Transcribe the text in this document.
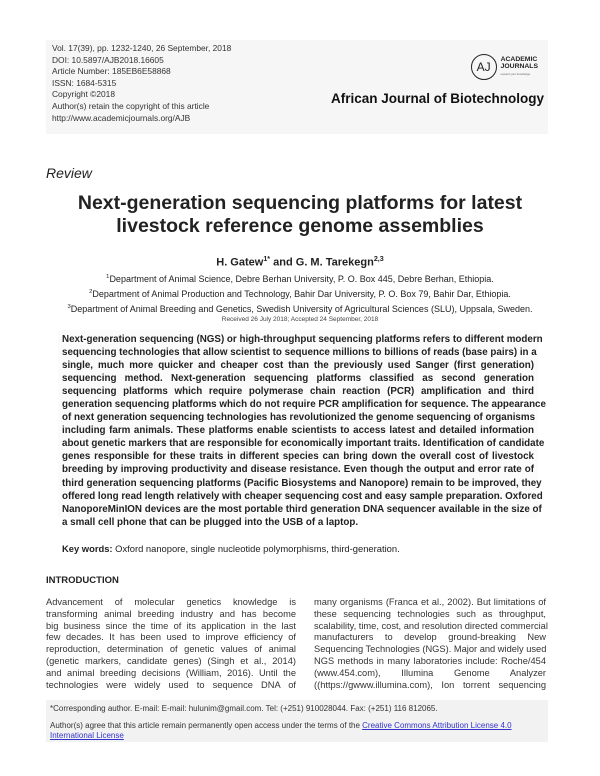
Vol. 17(39), pp. 1232-1240, 26 September, 2018
DOI: 10.5897/AJB2018.16605
Article Number: 185EB6E58868
ISSN: 1684-5315
Copyright ©2018
Author(s) retain the copyright of this article
http://www.academicjournals.org/AJB
AJ
ACADEMIC
JOURNALS
expand your knowledge
African Journal of Biotechnology
Review
Next-generation sequencing platforms for latest
livestock reference genome assemblies
H. Gatew$^{1*}$ and G. M. Tarekegn$^{2,3}$
$^1$Department of Animal Science, Debre Berhan University, P. O. Box 445, Debre Berhan, Ethiopia.
$^2$Department of Animal Production and Technology, Bahir Dar University, P. O. Box 79, Bahir Dar, Ethiopia.
$^3$Department of Animal Breeding and Genetics, Swedish University of Agricultural Sciences (SLU), Uppsala, Sweden.
Received 26 July 2018; Accepted 24 September, 2018
Next-generation sequencing (NGS) or high-throughput sequencing platforms refers to different modern
sequencing technologies that allow scientist to sequence millions to billions of reads (base pairs) in a
single, much more quicker and cheaper cost than the previously used Sanger (first generation)
sequencing method. Next-generation sequencing platforms classified as second generation
sequencing platforms which require polymerase chain reaction (PCR) amplification and third
generation sequencing platforms which do not require PCR amplification for sequence. The appearance
of next generation sequencing technologies has revolutionized the genome sequencing of organisms
including farm animals. These platforms enable scientists to access latest and detailed information
about genetic markers that are responsible for economically important traits. Identification of candidate
genes responsible for these traits in different species can bring down the overall cost of livestock
breeding by improving productivity and disease resistance. Even though the output and error rate of
third generation sequencing platforms (Pacific Biosystems and Nanopore) remain to be improved, they
offered long read length relatively with cheaper sequencing cost and easy sample preparation. Oxfored
NanoporeMinION devices are the most portable third generation DNA sequencer available in the size of
a small cell phone that can be plugged into the USB of a laptop.
Key words: Oxford nanopore, single nucleotide polymorphisms, third-generation.
INTRODUCTION
Advancement of molecular genetics knowledge is
transforming animal breeding industry and has become
big business since the time of its application in the last
few decades. It has been used to improve efficiency of
reproduction, determination of genetic values of animal
(genetic markers, candidate genes) (Singh et al., 2014)
and animal breeding decisions (William, 2016). Until the
technologies were widely used to sequence DNA of
many organisms (Franca et al., 2002). But limitations of
these sequencing technologies such as throughput,
scalability, time, cost, and resolution directed commercial
manufacturers to develop ground-breaking New
Sequencing Technologies (NGS). Major and widely used
NGS methods in many laboratories include: Roche/454
(www.454.com), Illumina Genome Analyzer
((https://gwww.illumina.com), Ion torrent sequencing
*Corresponding author. E-mail: E-mail: hulunim@gmail.com. Tel: (+251) 910028044. Fax: (+251) 116 812065.
Author(s) agree that this article remain permanently open access under the terms of the Creative Commons Attribution License 4.0 International License
